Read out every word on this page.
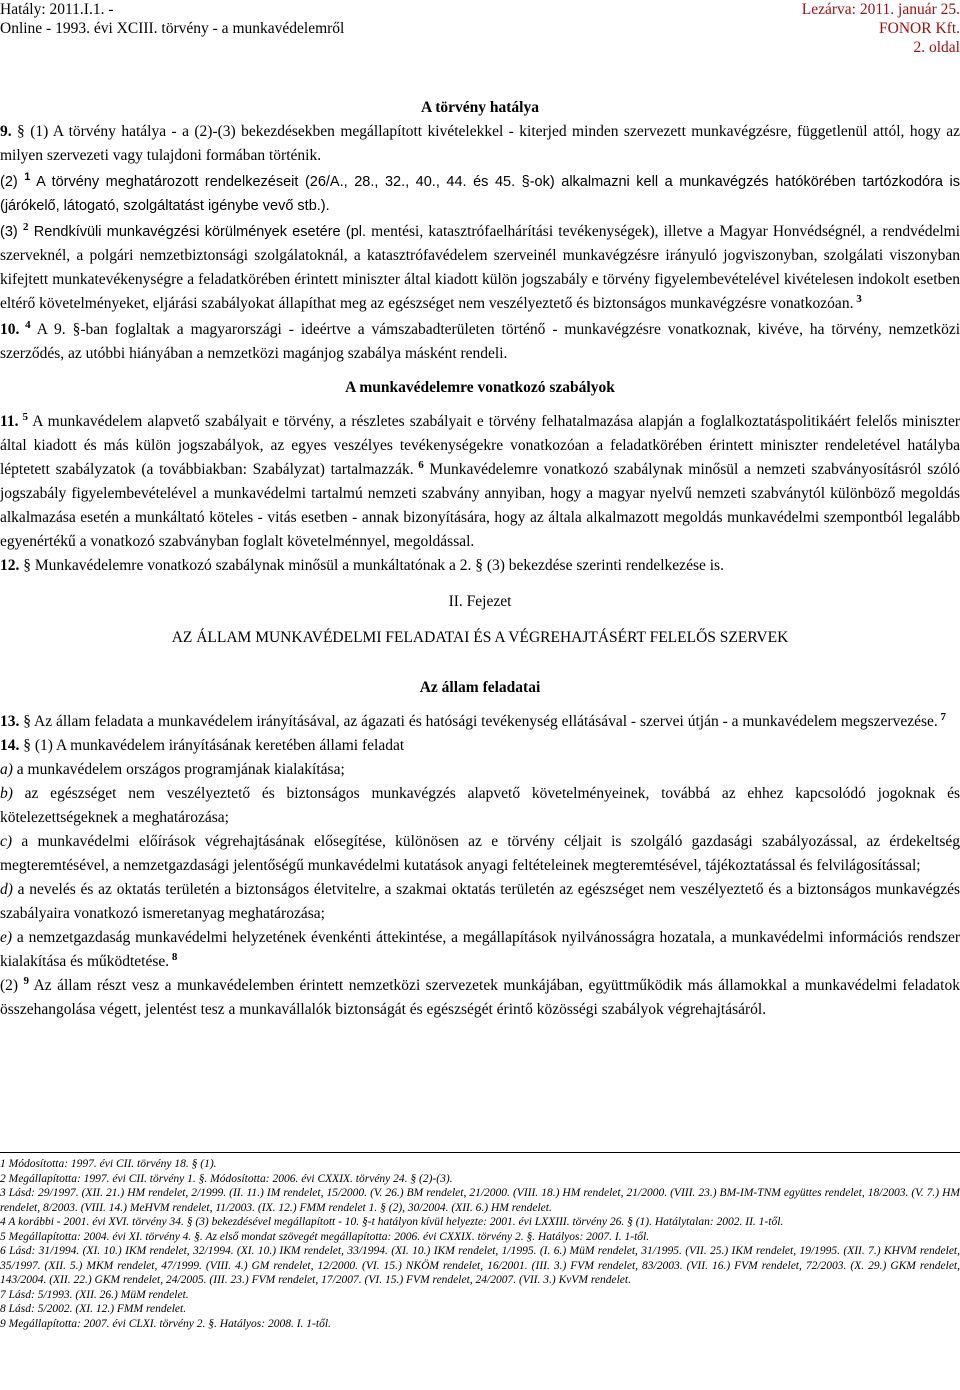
Hatály: 2011.I.1. -
Online - 1993. évi XCIII. törvény - a munkavédelemről
Lezárva: 2011. január 25.
FONOR Kft.
2. oldal

A törvény hatálya

9. § (1) A törvény hatálya - a (2)-(3) bekezdésekben megállapított kivételekkel - kiterjed minden szervezett munkavégzésre, függetlenül attól, hogy az milyen szervezeti vagy tulajdoni formában történik.

(2) $^1$ A törvény meghatározott rendelkezéseit (26/A., 28., 32., 40., 44. és 45. §-ok) alkalmazni kell a munkavégzés hatókörében tartózkodóra is (járókelő, látogató, szolgáltatást igénybe vevő stb.).

(3) $^2$ Rendkívüli munkavégzési körülmények esetére (pl. mentési, katasztrófaelhárítási tevékenységek), illetve a Magyar Honvédségnél, a rendvédelmi szerveknél, a polgári nemzetbiztonsági szolgálatoknál, a katasztrófavédelem szerveinél munkavégzésre irányuló jogviszonyban, szolgálati viszonyban kifejtett munkatevékenységre a feladatkörében érintett miniszter által kiadott külön jogszabály e törvény figyelembevételével kivételesen indokolt esetben eltérő követelményeket, eljárási szabályokat állapíthat meg az egészséget nem veszélyeztető és biztonságos munkavégzésre vonatkozóan. $^3$

10. $^4$ A 9. §-ban foglaltak a magyarországi - ideértve a vámszabadterületen történő - munkavégzésre vonatkoznak, kivéve, ha törvény, nemzetközi szerződés, az utóbbi hiányában a nemzetközi magánjog szabálya másként rendeli.

A munkavédelemre vonatkozó szabályok

11. $^5$ A munkavédelem alapvető szabályait e törvény, a részletes szabályait e törvény felhatalmazása alapján a foglalkoztatáspolitikáért felelős miniszter által kiadott és más külön jogszabályok, az egyes veszélyes tevékenységekre vonatkozóan a feladatkörében érintett miniszter rendeletével hatályba léptetett szabályzatok (a továbbiakban: Szabályzat) tartalmazzák. $^6$ Munkavédelemre vonatkozó szabálynak minősül a nemzeti szabványosításról szóló jogszabály figyelembevételével a munkavédelmi tartalmú nemzeti szabvány annyiban, hogy a magyar nyelvű nemzeti szabványtól különböző megoldás alkalmazása esetén a munkáltató köteles - vitás esetben - annak bizonyítására, hogy az általa alkalmazott megoldás munkavédelmi szempontból legalább egyenértékű a vonatkozó szabványban foglalt követelménnyel, megoldással.

12. § Munkavédelemre vonatkozó szabálynak minősül a munkáltatónak a 2. § (3) bekezdése szerinti rendelkezése is.

II. Fejezet

AZ ÁLLAM MUNKAVÉDELMI FELADATAI ÉS A VÉGREHAJTÁSÉRT FELELŐS SZERVEK

Az állam feladatai

13. § Az állam feladata a munkavédelem irányításával, az ágazati és hatósági tevékenység ellátásával - szervei útján - a munkavédelem megszervezése. $^7$

14. § (1) A munkavédelem irányításának keretében állami feladat

a) a munkavédelem országos programjának kialakítása;

b) az egészséget nem veszélyeztető és biztonságos munkavégzés alapvető követelményeinek, továbbá az ehhez kapcsolódó jogoknak és kötelezettségeknek a meghatározása;

c) a munkavédelmi előírások végrehajtásának elősegítése, különösen az e törvény céljait is szolgáló gazdasági szabályozással, az érdekeltség megteremtésével, a nemzetgazdasági jelentőségű munkavédelmi kutatások anyagi feltételeinek megteremtésével, tájékoztatással és felvilágosítással;

d) a nevelés és az oktatás területén a biztonságos életvitelre, a szakmai oktatás területén az egészséget nem veszélyeztető és a biztonságos munkavégzés szabályaira vonatkozó ismeretanyag meghatározása;

e) a nemzetgazdaság munkavédelmi helyzetének évenkénti áttekintése, a megállapítások nyilvánosságra hozatala, a munkavédelmi információs rendszer kialakítása és működtetése. $^8$

(2) $^9$ Az állam részt vesz a munkavédelemben érintett nemzetközi szervezetek munkájában, együttműködik más államokkal a munkavédelmi feladatok összehangolása végett, jelentést tesz a munkavállalók biztonságát és egészségét érintő közösségi szabályok végrehajtásáról.

1 Módosította: 1997. évi CII. törvény 18. § (1).

2 Megállapította: 1997. évi CII. törvény 1. §. Módosította: 2006. évi CXXIX. törvény 24. § (2)-(3).

3 Lásd: 29/1997. (XII. 21.) HM rendelet, 2/1999. (II. 11.) IM rendelet, 15/2000. (V. 26.) BM rendelet, 21/2000. (VIII. 18.) HM rendelet, 21/2000. (VIII. 23.) BM-IM-TNM együttes rendelet, 18/2003. (V. 7.) HM rendelet, 8/2003. (VIII. 14.) MeHVM rendelet, 11/2003. (IX. 12.) FMM rendelet 1. § (2), 30/2004. (XII. 6.) HM rendelet.

4 A korábbi - 2001. évi XVI. törvény 34. § (3) bekezdésével megállapított - 10. §-t hatályon kívül helyezte: 2001. évi LXXIII. törvény 26. § (1). Hatálytalan: 2002. II. 1-től.

5 Megállapította: 2004. évi XI. törvény 4. §. Az első mondat szövegét megállapította: 2006. évi CXXIX. törvény 2. §. Hatályos: 2007. I. 1-től.

6 Lásd: 31/1994. (XI. 10.) IKM rendelet, 32/1994. (XI. 10.) IKM rendelet, 33/1994. (XI. 10.) IKM rendelet, 1/1995. (I. 6.) MüM rendelet, 31/1995. (VII. 25.) IKM rendelet, 19/1995. (XII. 7.) KHVM rendelet, 35/1997. (XII. 5.) MKM rendelet, 47/1999. (VIII. 4.) GM rendelet, 12/2000. (VI. 15.) NKÖM rendelet, 16/2001. (III. 3.) FVM rendelet, 83/2003. (VII. 16.) FVM rendelet, 72/2003. (X. 29.) GKM rendelet, 143/2004. (XII. 22.) GKM rendelet, 24/2005. (III. 23.) FVM rendelet, 17/2007. (VI. 15.) FVM rendelet, 24/2007. (VII. 3.) KvVM rendelet.

7 Lásd: 5/1993. (XII. 26.) MüM rendelet.

8 Lásd: 5/2002. (XI. 12.) FMM rendelet.

9 Megállapította: 2007. évi CLXI. törvény 2. §. Hatályos: 2008. I. 1-től.
